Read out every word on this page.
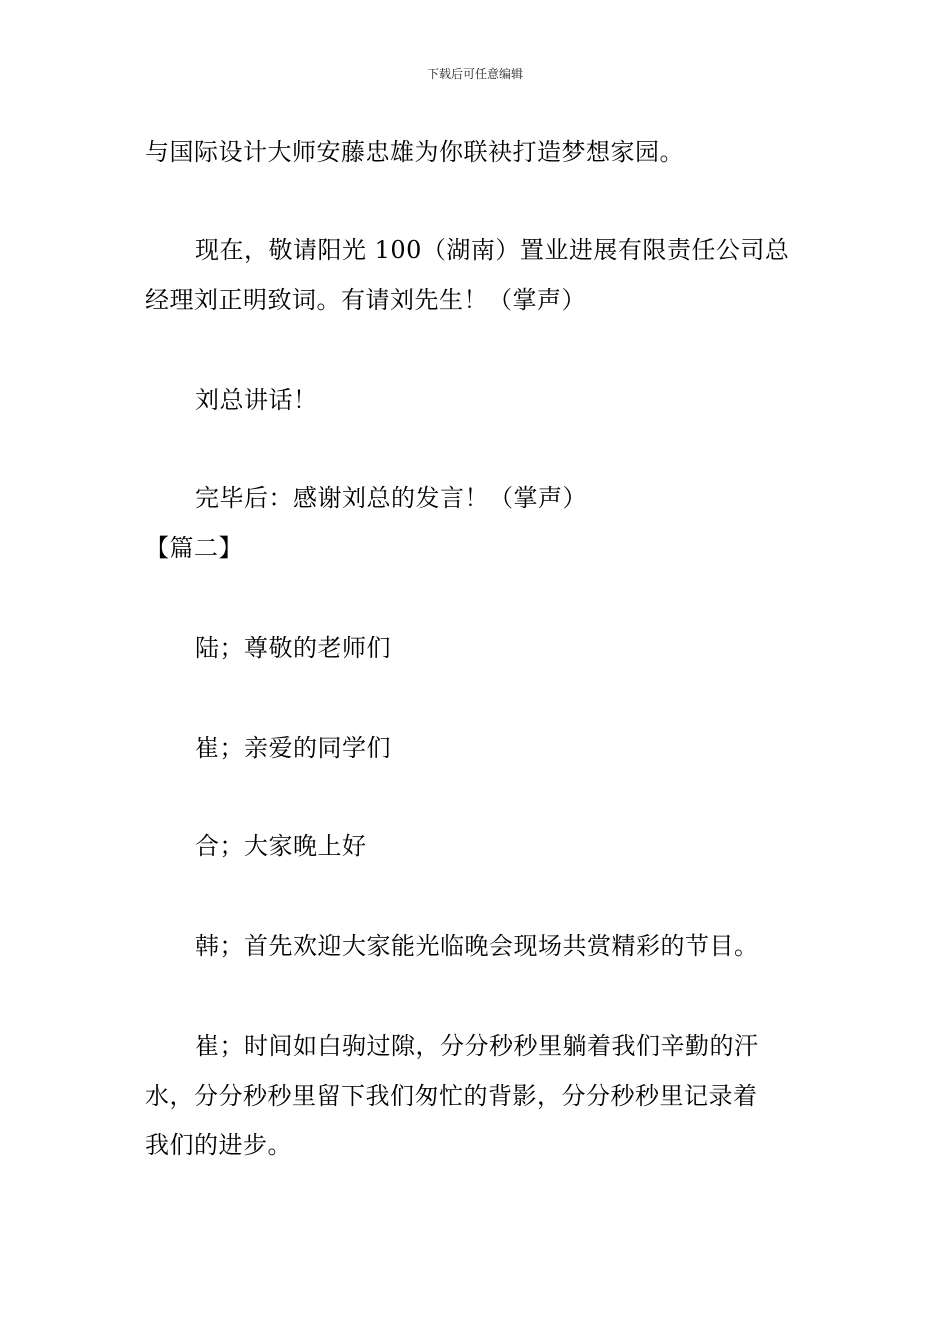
下载后可任意编辑
与国际设计大师安藤忠雄为你联袂打造梦想家园。
现在，敬请阳光 100（湖南）置业进展有限责任公司总
经理刘正明致词。有请刘先生！（掌声）
刘总讲话！
完毕后：感谢刘总的发言！（掌声）
【篇二】
陆；尊敬的老师们
崔；亲爱的同学们
合；大家晚上好
韩；首先欢迎大家能光临晚会现场共赏精彩的节目。
崔；时间如白驹过隙，分分秒秒里躺着我们辛勤的汗
水，分分秒秒里留下我们匆忙的背影，分分秒秒里记录着
我们的进步。
